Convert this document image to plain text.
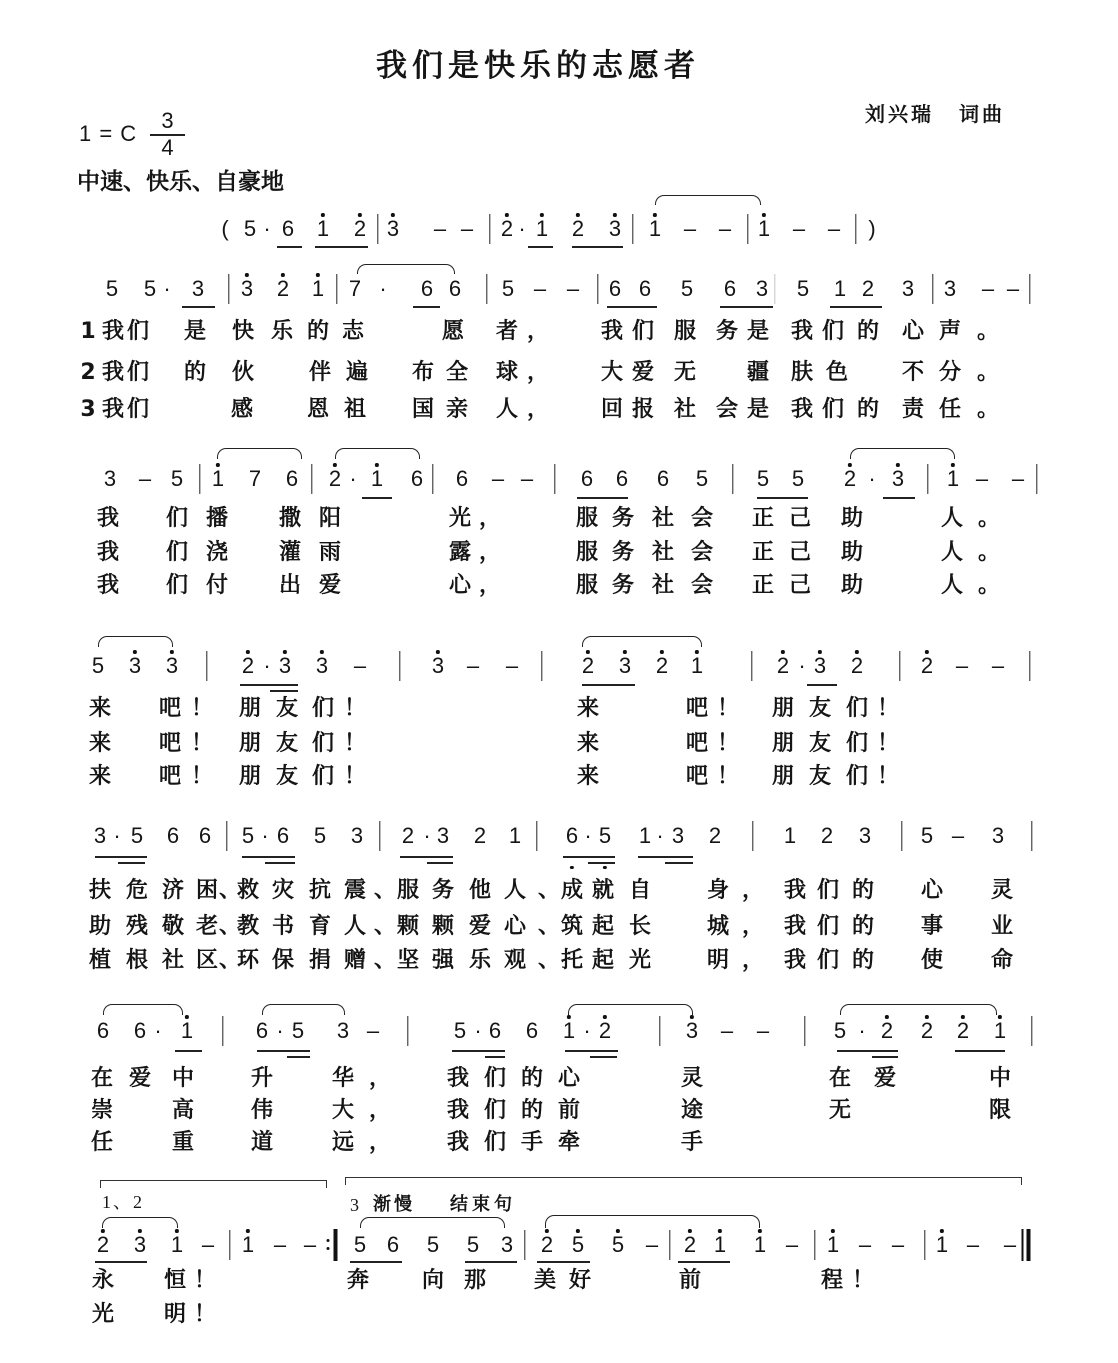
我们是快乐的志愿者
刘兴瑞 词曲
1 = C
3
4
中速、快乐、自豪地
( 5 · 6 1 2 3 – – 2 · 1 2 3 1 – – 1 – – )
5 5 · 3 3 2 1 7 · 6 6 5 – – 6 6 5 6 3 5 1 2 3 3 – –
1 我 们 是 快 乐 的 志	愿 者 ， 我 们 服 务 是 我 们 的 心 声 。
2 我 们 的 伙 伴 遍 布 全 球 ， 大 爱 无 疆 肤 色 不 分 。
3 我 们	感 恩 祖 国 亲 人 ， 回 报 社 会 是 我 们 的 责 任 。
3 – 5 1 7 6 2 · 1 6 6 – – 6 6 6 5 5 5 2 · 3 1 – –
我 们 播 撒 阳	光 ，	服 务 社 会 正 己 助	人 。
我 们 浇 灌 雨	露 ，	服 务 社 会 正 己 助	人 。
我 们 付 出 爱	心 ，	服 务 社 会 正 己 助	人 。
5 3 3	2 · 3 3 –	3 – –	2 3 2 1	2 · 3 2	2 – –
来 吧 ！ 朋 友 们 ！	来	吧 ！ 朋 友 们 ！
来 吧 ！ 朋 友 们 ！	来	吧 ！ 朋 友 们 ！
来 吧 ！ 朋 友 们 ！	来	吧 ！ 朋 友 们 ！
3 · 5 6 6 5 · 6 5 3 2 · 3 2 1 6 · 5 1 · 3 2	1 2 3 5 – 3
扶 危 济 困 、
救 灾 抗 震 、 服 务 他 人 、 成 就 自	身 ， 我 们 的 心 灵
助 残 敬 老 、
教 书 育 人 、 颗 颗 爱 心 、 筑 起 长	城 ， 我 们 的 事 业
植 根 社 区 、
环 保 捐 赠 、 坚 强 乐 观 、 托 起 光	明 ， 我 们 的 使 命
6 6 · 1	6 · 5 3 –	5 · 6 6 1 · 2	3 – –	5 · 2 2 2 1
在 爱 中	升	华 ，	我 们 的 心	灵	在 爱	中
崇	高	伟	大 ，	我 们 的 前	途	无	限
任	重	道	远 ，	我 们 手 牵	手
1、2	3 渐慢 结束句
2 3 1 – 1 – – 5 6 5 5 3 2 5 5 – 2 1 1 – 1 – – 1 – –
永 恒 ！	奔 向 那 美 好	前	程 ！
光 明 ！
